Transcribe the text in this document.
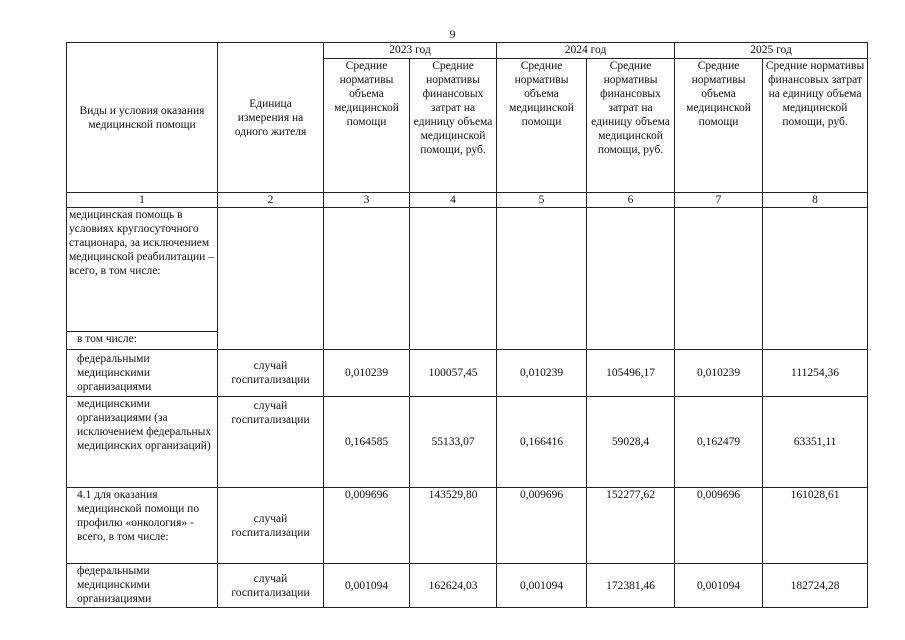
9
Виды и условия оказания медицинской помощи	Единица измерения на одного жителя	2023 год		2024 год		2025 год	
		Средние нормативы объема медицинской помощи	Средние нормативы финансовых затрат на единицу объема медицинской помощи, руб.	Средние нормативы объема медицинской помощи	Средние нормативы финансовых затрат на единицу объема медицинской помощи, руб.	Средние нормативы объема медицинской помощи	Средние нормативы финансовых затрат на единицу объема медицинской помощи, руб.
1	2	3	4	5	6	7	8
медицинская помощь в условиях круглосуточного стационара, за исключением медицинской реабилитации – всего, в том числе:							
в том числе:							
федеральными медицинскими организациями	случай госпитализации	0,010239	100057,45	0,010239	105496,17	0,010239	111254,36
медицинскими организациями (за исключением федеральных медицинских организаций)	случай госпитализации	0,164585	55133,07	0,166416	59028,4	0,162479	63351,11
4.1 для оказания медицинской помощи по профилю «онкология» - всего, в том числе:	случай госпитализации	0,009696	143529,80	0,009696	152277,62	0,009696	161028,61
федеральными медицинскими организациями	случай госпитализации	0,001094	162624,03	0,001094	172381,46	0,001094	182724,28
